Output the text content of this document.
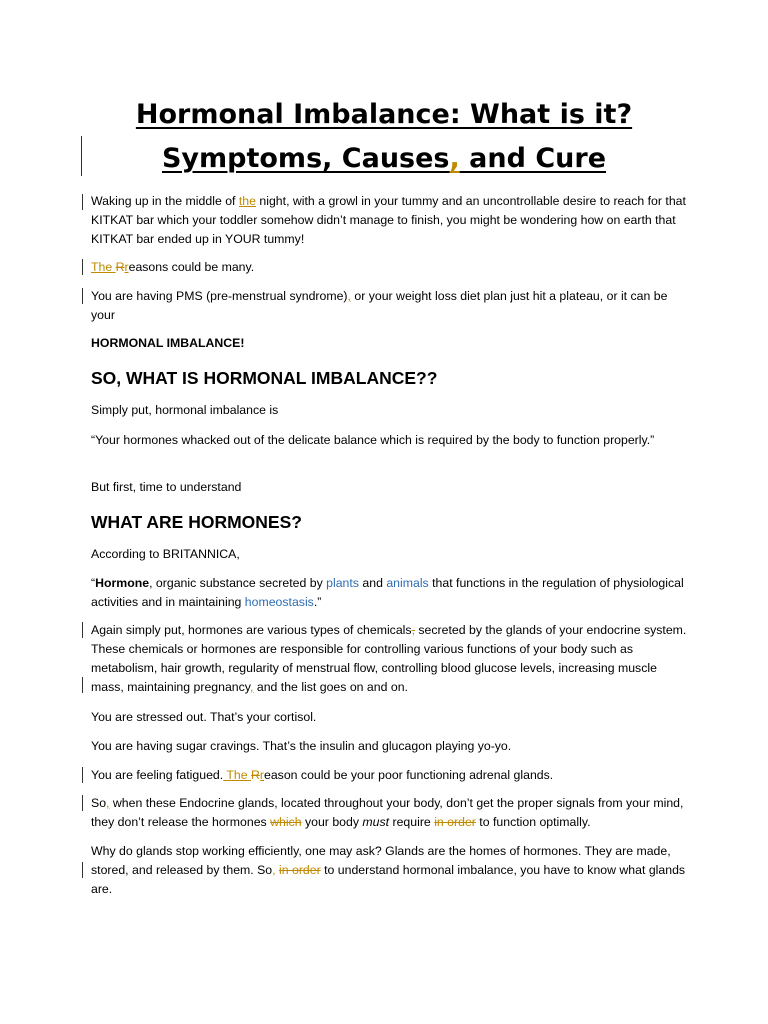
Hormonal Imbalance: What is it?
Symptoms, Causes, and Cure
Waking up in the middle of the night, with a growl in your tummy and an uncontrollable desire to reach for that KITKAT bar which your toddler somehow didn’t manage to finish, you might be wondering how on earth that KITKAT bar ended up in YOUR tummy!
The Rreasons could be many.
You are having PMS (pre-menstrual syndrome), or your weight loss diet plan just hit a plateau, or it can be your
HORMONAL IMBALANCE!
SO, WHAT IS HORMONAL IMBALANCE??
Simply put, hormonal imbalance is
“Your hormones whacked out of the delicate balance which is required by the body to function properly.”
But first, time to understand
WHAT ARE HORMONES?
According to BRITANNICA,
“Hormone, organic substance secreted by plants and animals that functions in the regulation of physiological activities and in maintaining homeostasis.”
Again simply put, hormones are various types of chemicals, secreted by the glands of your endocrine system. These chemicals or hormones are responsible for controlling various functions of your body such as metabolism, hair growth, regularity of menstrual flow, controlling blood glucose levels, increasing muscle mass, maintaining pregnancy, and the list goes on and on.
You are stressed out. That’s your cortisol.
You are having sugar cravings. That’s the insulin and glucagon playing yo-yo.
You are feeling fatigued. The Rreason could be your poor functioning adrenal glands.
So, when these Endocrine glands, located throughout your body, don’t get the proper signals from your mind, they don’t release the hormones which your body must require in order to function optimally.
Why do glands stop working efficiently, one may ask? Glands are the homes of hormones. They are made, stored, and released by them. So, in order to understand hormonal imbalance, you have to know what glands are.
